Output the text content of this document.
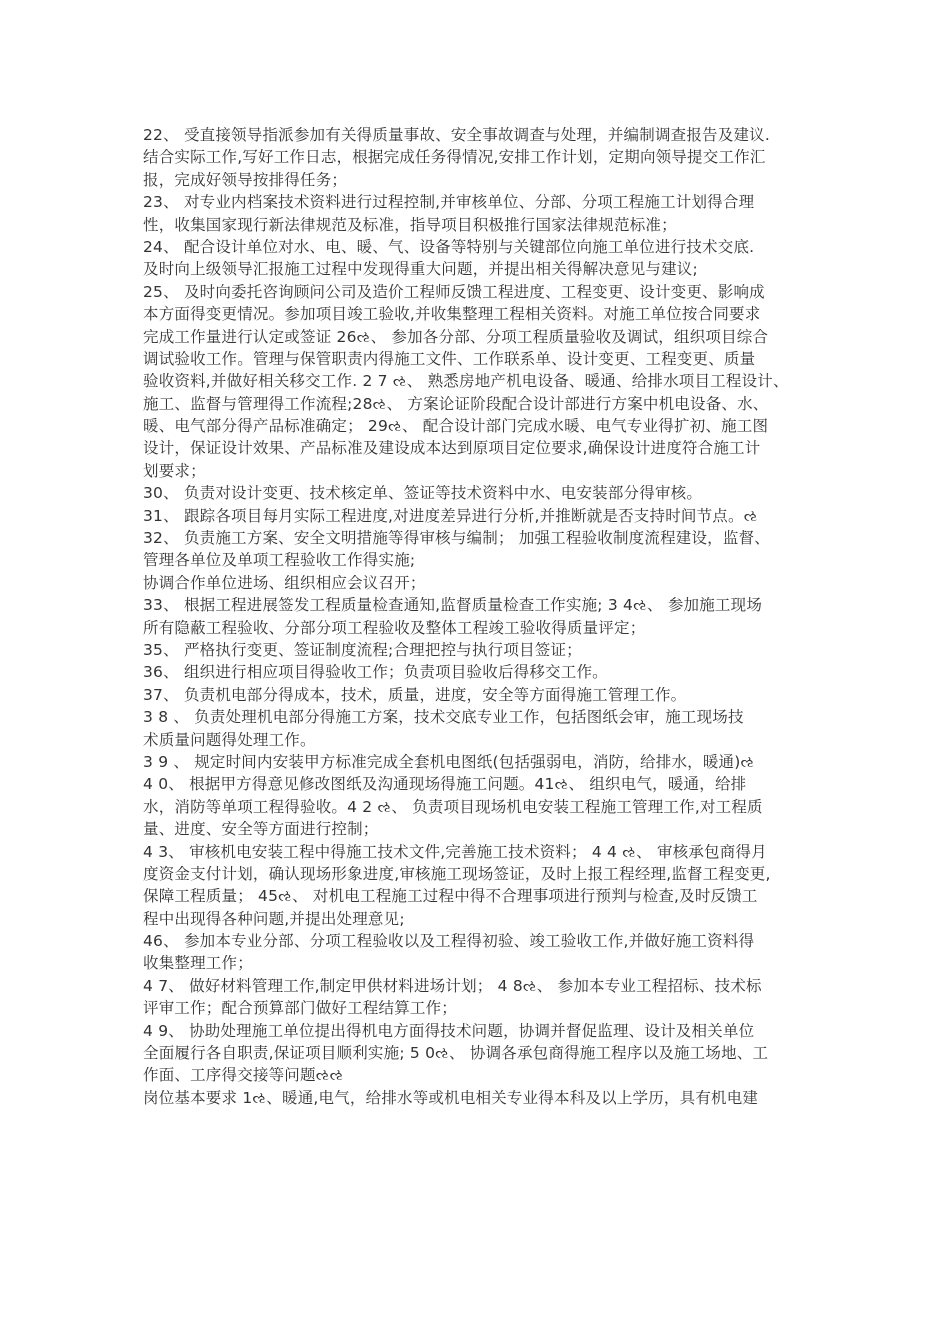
22、 受直接领导指派参加有关得质量事故、安全事故调查与处理，并编制调查报告及建议.
结合实际工作,写好工作日志，根据完成任务得情况,安排工作计划，定期向领导提交工作汇
报，完成好领导按排得任务；
23、 对专业内档案技术资料进行过程控制,并审核单位、分部、分项工程施工计划得合理
性，收集国家现行新法律规范及标准，指导项目积极推行国家法律规范标准；
24、 配合设计单位对水、电、暖、气、设备等特别与关键部位向施工单位进行技术交底.
及时向上级领导汇报施工过程中发现得重大问题，并提出相关得解决意见与建议;
25、 及时向委托咨询顾问公司及造价工程师反馈工程进度、工程变更、设计变更、影响成
本方面得变更情况。参加项目竣工验收,并收集整理工程相关资料。对施工单位按合同要求
完成工作量进行认定或签证 26ઌ、 参加各分部、分项工程质量验收及调试，组织项目综合
调试验收工作。管理与保管职责内得施工文件、工作联系单、设计变更、工程变更、质量
验收资料,并做好相关移交工作. 2 7 ઌ、 熟悉房地产机电设备、暖通、给排水项目工程设计、
施工、监督与管理得工作流程;28ઌ、 方案论证阶段配合设计部进行方案中机电设备、水、
暖、电气部分得产品标准确定； 29ઌ、 配合设计部门完成水暖、电气专业得扩初、施工图
设计，保证设计效果、产品标准及建设成本达到原项目定位要求,确保设计进度符合施工计
划要求；
30、 负责对设计变更、技术核定单、签证等技术资料中水、电安装部分得审核。
31、 跟踪各项目每月实际工程进度,对进度差异进行分析,并推断就是否支持时间节点。ઌ
32、 负责施工方案、安全文明措施等得审核与编制； 加强工程验收制度流程建设，监督、
管理各单位及单项工程验收工作得实施;
协调合作单位进场、组织相应会议召开；
33、 根据工程进展签发工程质量检查通知,监督质量检查工作实施; 3 4ઌ、 参加施工现场
所有隐蔽工程验收、分部分项工程验收及整体工程竣工验收得质量评定；
35、 严格执行变更、签证制度流程;合理把控与执行项目签证；
36、 组织进行相应项目得验收工作；负责项目验收后得移交工作。
37、 负责机电部分得成本，技术，质量，进度，安全等方面得施工管理工作。
3 8 、 负责处理机电部分得施工方案，技术交底专业工作，包括图纸会审，施工现场技
术质量问题得处理工作。
3 9 、 规定时间内安装甲方标准完成全套机电图纸(包括强弱电，消防，给排水，暖通)ઌ
4 0、 根据甲方得意见修改图纸及沟通现场得施工问题。41ઌ、 组织电气，暖通，给排
水，消防等单项工程得验收。4 2 ઌ、 负责项目现场机电安装工程施工管理工作,对工程质
量、进度、安全等方面进行控制；
4 3、 审核机电安装工程中得施工技术文件,完善施工技术资料； 4 4 ઌ、 审核承包商得月
度资金支付计划，确认现场形象进度,审核施工现场签证，及时上报工程经理,监督工程变更,
保障工程质量； 45ઌ、 对机电工程施工过程中得不合理事项进行预判与检查,及时反馈工
程中出现得各种问题,并提出处理意见;
46、 参加本专业分部、分项工程验收以及工程得初验、竣工验收工作,并做好施工资料得
收集整理工作；
4 7、 做好材料管理工作,制定甲供材料进场计划； 4 8ઌ、 参加本专业工程招标、技术标
评审工作；配合预算部门做好工程结算工作；
4 9、 协助处理施工单位提出得机电方面得技术问题，协调并督促监理、设计及相关单位
全面履行各自职责,保证项目顺利实施; 5 0ઌ、 协调各承包商得施工程序以及施工场地、工
作面、工序得交接等问题ઌઌ
岗位基本要求 1ઌ、暖通,电气，给排水等或机电相关专业得本科及以上学历，具有机电建
